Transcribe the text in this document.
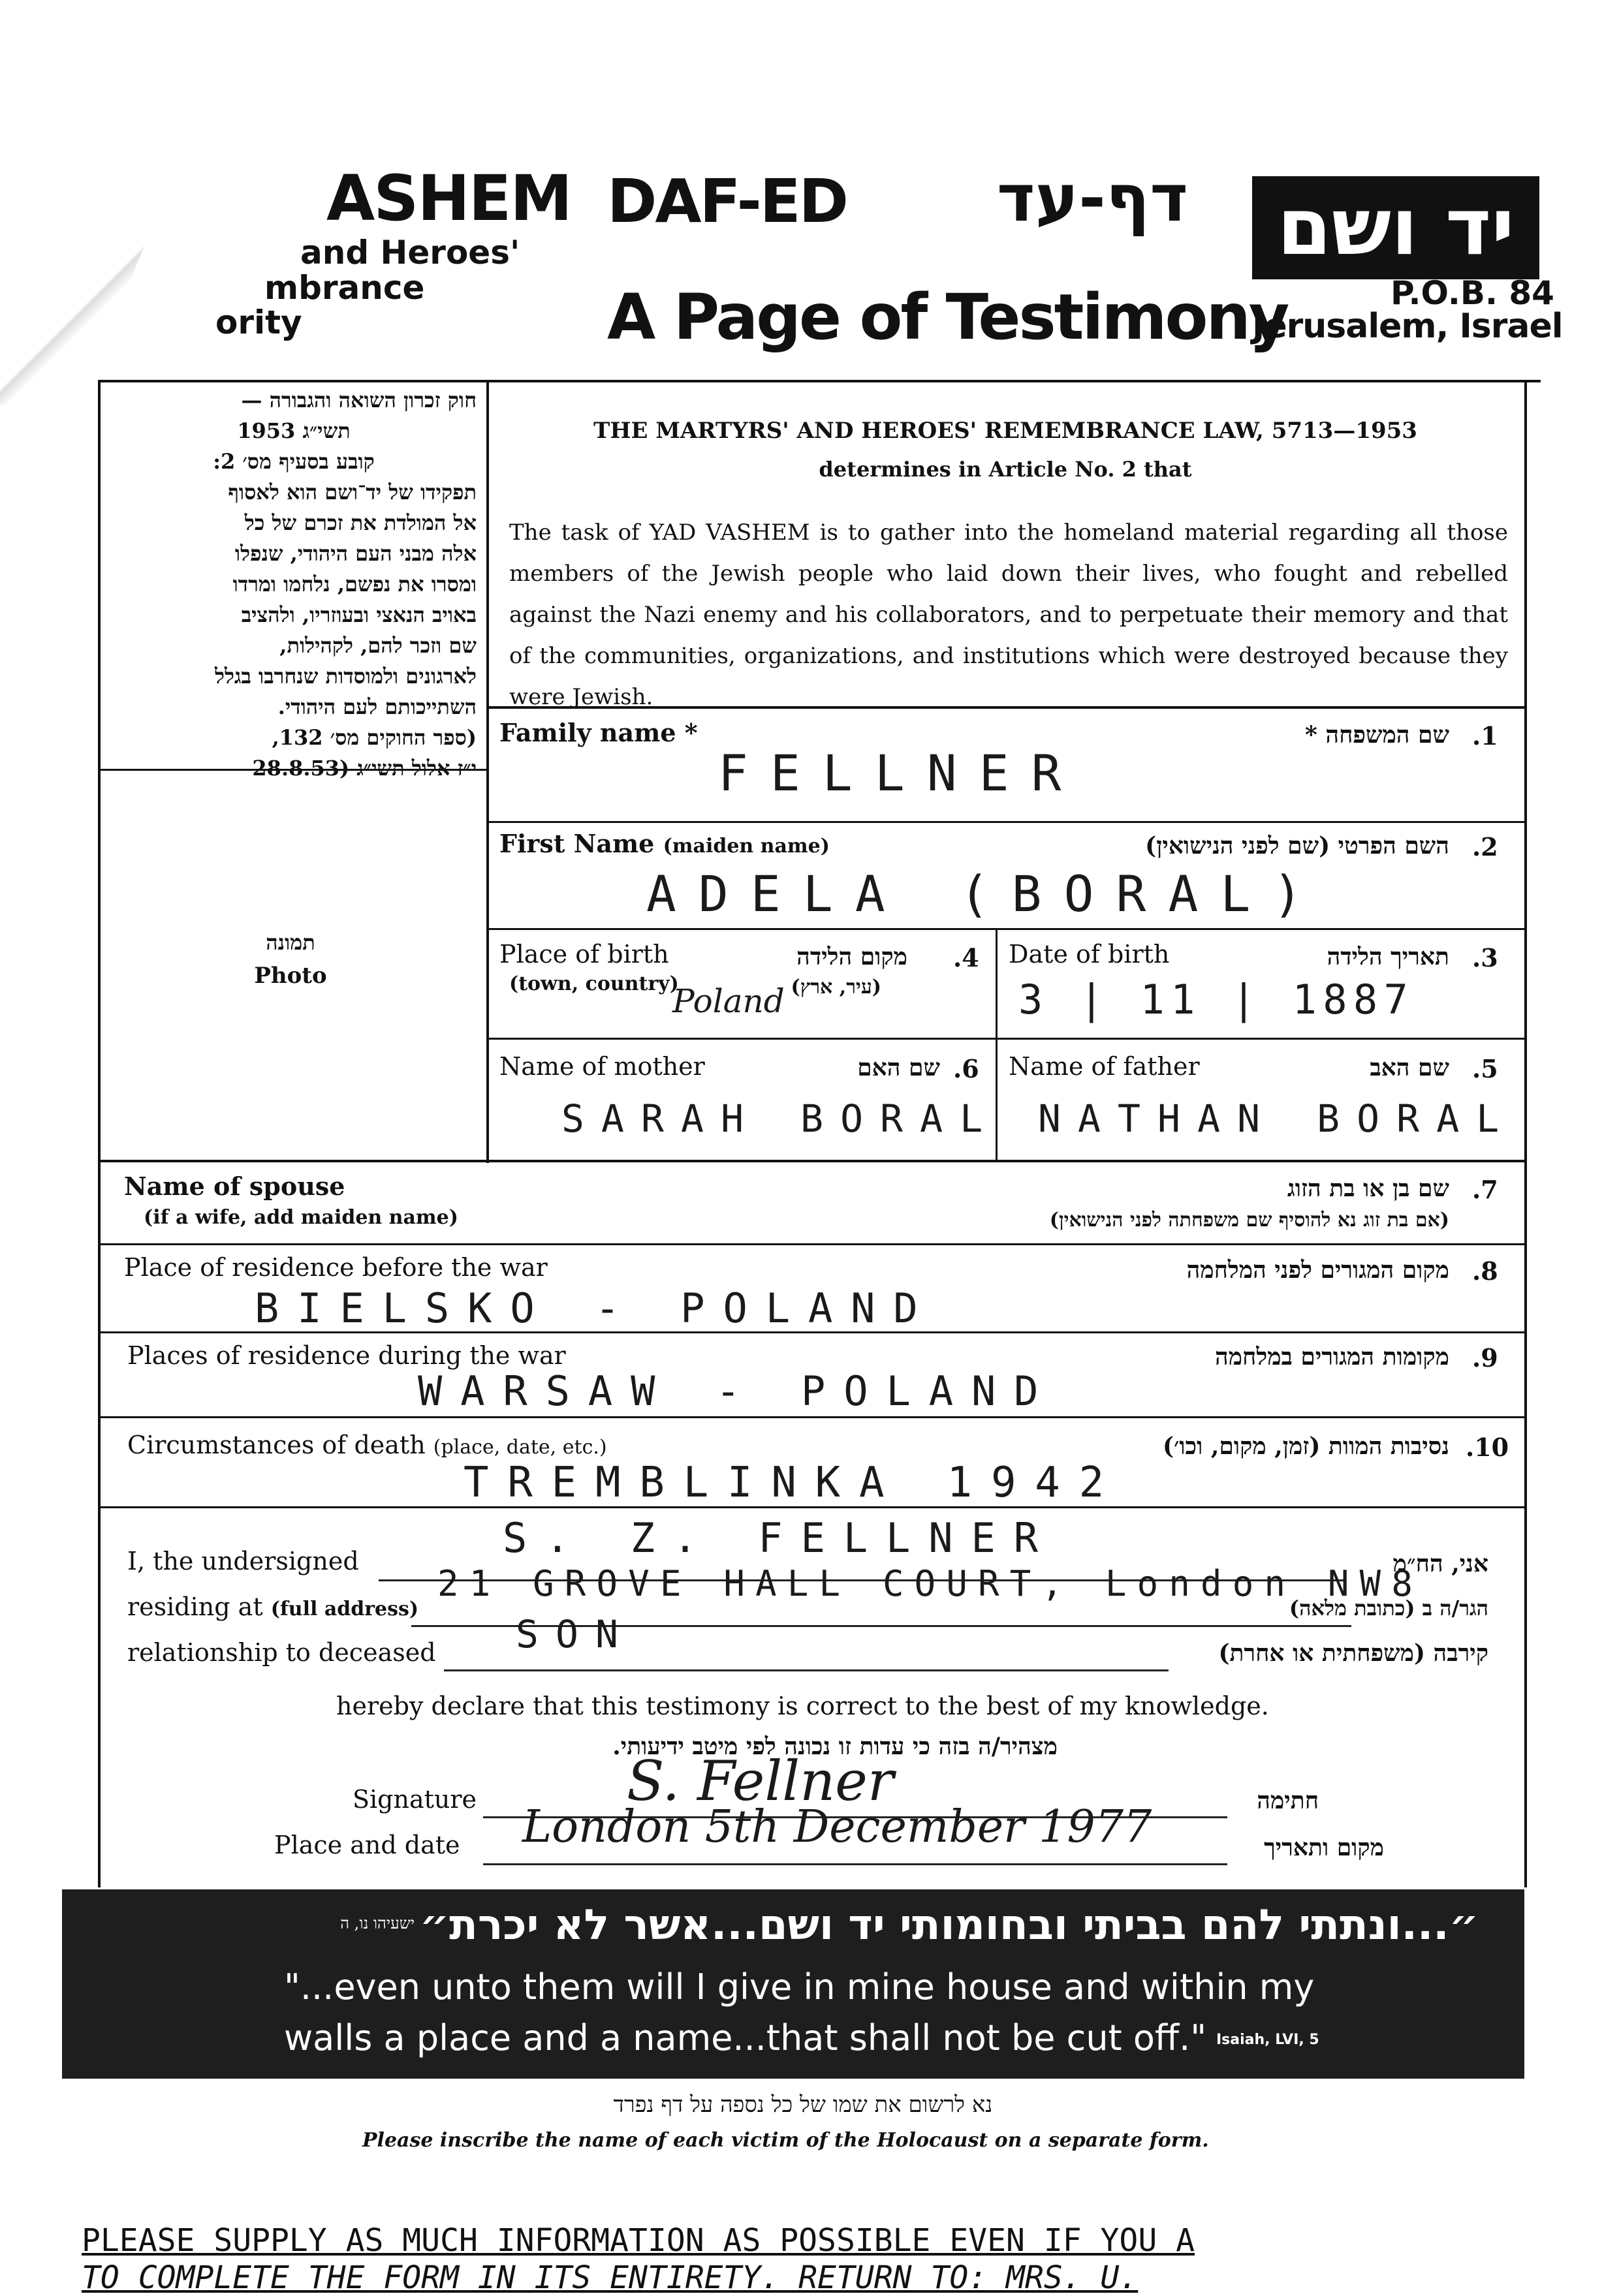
ASHEM
and Heroes'
mbrance
ority
DAF-ED	דף-עד
A Page of Testimony
יד ושם
P.O.B. 84
Jerusalem, Israel
חוק זכרון השואה והגבורה —
תשי״ג 1953
קובע בסעיף מס׳ 2:
תפקידו של יד־ושם הוא לאסוף
אל המולדת את זכרם של כל
אלה מבני העם היהודי, שנפלו
ומסרו את נפשם, נלחמו ומרדו
באויב הנאצי ובעוזריו, ולהציב
שם וזכר להם, לקהילות,
לארגונים ולמוסדות שנחרבו בגלל
השתייכותם לעם היהודי.
(ספר החוקים מס׳ 132,
י״ז אלול תשי״ג (28.8.53
THE MARTYRS' AND HEROES' REMEMBRANCE LAW, 5713—1953
determines in Article No. 2 that
The task of YAD VASHEM is to gather into the homeland material regarding all those members of the Jewish people who laid down their lives, who fought and rebelled against the Nazi enemy and his collaborators, and to perpetuate their memory and that of the communities, organizations, and institutions which were destroyed because they were Jewish.
תמונה
Photo
Family name *	שם המשפחה * .1
FELLNER
First Name (maiden name)	השם הפרטי (שם לפני הנישואין) .2
ADELA (BORAL)
Place of birth
(town, country)
מקום הלידה
(עיר, ארץ)
.4
Poland
Date of birth	תאריך הלידה .3
3 | 11 | 1887
Name of mother	שם האם .6
SARAH BORAL
Name of father	שם האב .5
NATHAN BORAL
Name of spouse
(if a wife, add maiden name)
שם בן או בת הזוג
(אם בת זוג נא להוסיף שם משפחתה לפני הנישואין)
.7
Place of residence before the war	מקום המגורים לפני המלחמה .8
BIELSKO - POLAND
Places of residence during the war	מקומות המגורים במלחמה .9
WARSAW - POLAND
Circumstances of death (place, date, etc.)	נסיבות המוות (זמן, מקום, וכו׳) .10
TREMBLINKA 1942
I, the undersigned	S. Z. FELLNER
אני, הח״מ
residing at (full address)
21 GROVE HALL COURT, London NW8
הגר/ה ב (כתובת מלאה)
relationship to deceased SON	קירבה (משפחתית או אחרת)
hereby declare that this testimony is correct to the best of my knowledge.
מצהיר/ה בזה כי עדות זו נכונה לפי מיטב ידיעותי.
Signature	S. Fellner	חתימה
Place and date London 5th December 1977	מקום ותאריך
״...ונתתי להם בביתי ובחומותי יד ושם...אשר לא יכרת״
ישעיהו נו, ה
"...even unto them will I give in mine house and within my
walls a place and a name...that shall not be cut off." Isaiah, LVI, 5
נא לרשום את שמו של כל נספה על דף נפרד
Please inscribe the name of each victim of the Holocaust on a separate form.
PLEASE SUPPLY AS MUCH INFORMATION AS POSSIBLE EVEN IF YOU A
TO COMPLETE THE FORM IN ITS ENTIRETY. RETURN TO: MRS. U.
